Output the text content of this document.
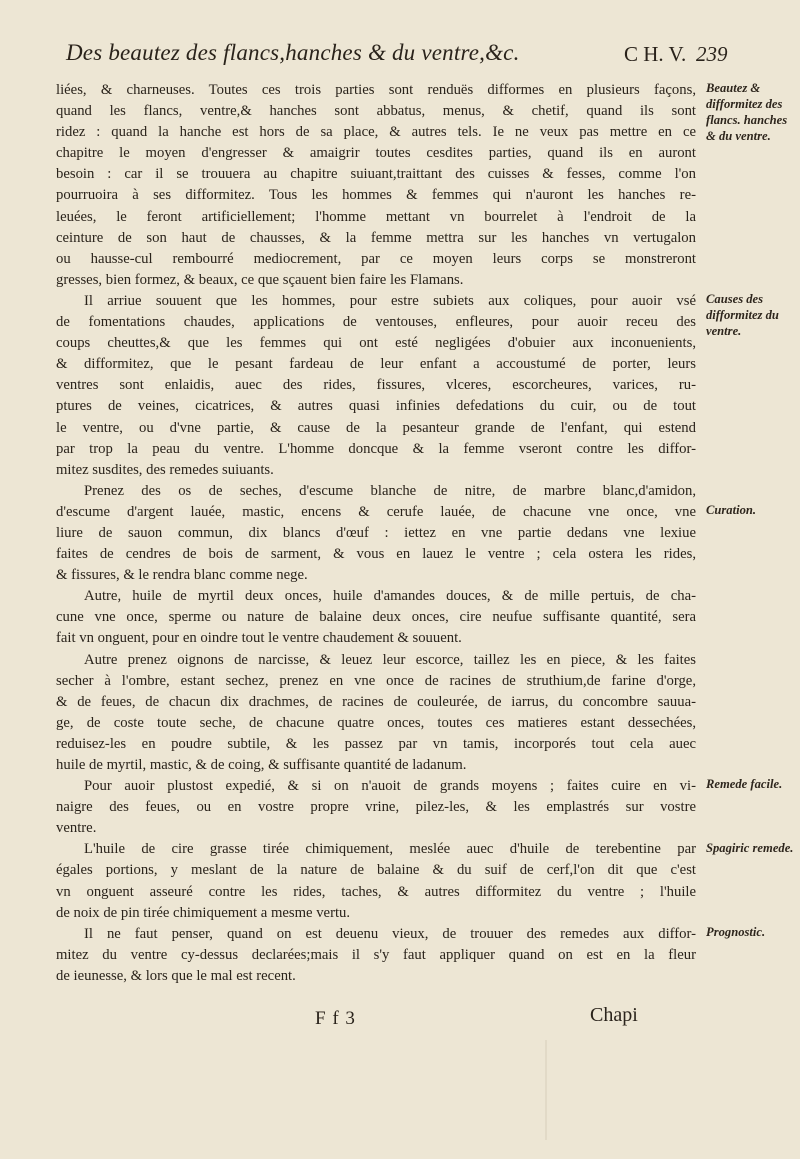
Des beautez des flancs,hanches & du ventre,&c.	C H. V. 239
liées, & charneuses. Toutes ces trois parties sont renduës difformes en plusieurs façons,
quand les flancs, ventre,& hanches sont abbatus, menus, & chetif, quand ils sont
ridez : quand la hanche est hors de sa place, & autres tels. Ie ne veux pas mettre en ce
chapitre le moyen d'engresser & amaigrir toutes cesdites parties, quand ils en auront
besoin : car il se trouuera au chapitre suiuant,traittant des cuisses & fesses, comme l'on
pourruoira à ses difformitez. Tous les hommes & femmes qui n'auront les hanches re-
leuées, le feront artificiellement; l'homme mettant vn bourrelet à l'endroit de la
ceinture de son haut de chausses, & la femme mettra sur les hanches vn vertugalon
ou hausse-cul rembourré mediocrement, par ce moyen leurs corps se monstreront
gresses, bien formez, & beaux, ce que sçauent bien faire les Flamans.
Il arriue souuent que les hommes, pour estre subiets aux coliques, pour auoir vsé
de fomentations chaudes, applications de ventouses, enfleures, pour auoir receu des
coups cheuttes,& que les femmes qui ont esté negligées d'obuier aux inconuenients,
& difformitez, que le pesant fardeau de leur enfant a accoustumé de porter, leurs
ventres sont enlaidis, auec des rides, fissures, vlceres, escorcheures, varices, ru-
ptures de veines, cicatrices, & autres quasi infinies defedations du cuir, ou de tout
le ventre, ou d'vne partie, & cause de la pesanteur grande de l'enfant, qui estend
par trop la peau du ventre. L'homme doncque & la femme vseront contre les diffor-
mitez susdites, des remedes suiuants.
Prenez des os de seches, d'escume blanche de nitre, de marbre blanc,d'amidon,
d'escume d'argent lauée, mastic, encens & cerufe lauée, de chacune vne once, vne
liure de sauon commun, dix blancs d'œuf : iettez en vne partie dedans vne lexiue
faites de cendres de bois de sarment, & vous en lauez le ventre ; cela ostera les rides,
& fissures, & le rendra blanc comme nege.
Autre, huile de myrtil deux onces, huile d'amandes douces, & de mille pertuis, de cha-
cune vne once, sperme ou nature de balaine deux onces, cire neufue suffisante quantité, sera
fait vn onguent, pour en oindre tout le ventre chaudement & souuent.
Autre prenez oignons de narcisse, & leuez leur escorce, taillez les en piece, & les faites
secher à l'ombre, estant sechez, prenez en vne once de racines de struthium,de farine d'orge,
& de feues, de chacun dix drachmes, de racines de couleurée, de iarrus, du concombre sauua-
ge, de coste toute seche, de chacune quatre onces, toutes ces matieres estant dessechées,
reduisez-les en poudre subtile, & les passez par vn tamis, incorporés tout cela auec
huile de myrtil, mastic, & de coing, & suffisante quantité de ladanum.
Pour auoir plustost expedié, & si on n'auoit de grands moyens ; faites cuire en vi-
naigre des feues, ou en vostre propre vrine, pilez-les, & les emplastrés sur vostre
ventre.
L'huile de cire grasse tirée chimiquement, meslée auec d'huile de terebentine par
égales portions, y meslant de la nature de balaine & du suif de cerf,l'on dit que c'est
vn onguent asseuré contre les rides, taches, & autres difformitez du ventre ; l'huile
de noix de pin tirée chimiquement a mesme vertu.
Il ne faut penser, quand on est deuenu vieux, de trouuer des remedes aux diffor-
mitez du ventre cy-dessus declarées;mais il s'y faut appliquer quand on est en la fleur
de ieunesse, & lors que le mal est recent.
Beautez & difformitez des flancs. hanches & du ventre.
Causes des difformitez du ventre.
Curation.
Remede facile.
Spagiric remede.
Prognostic.
F f 3	Chapi
